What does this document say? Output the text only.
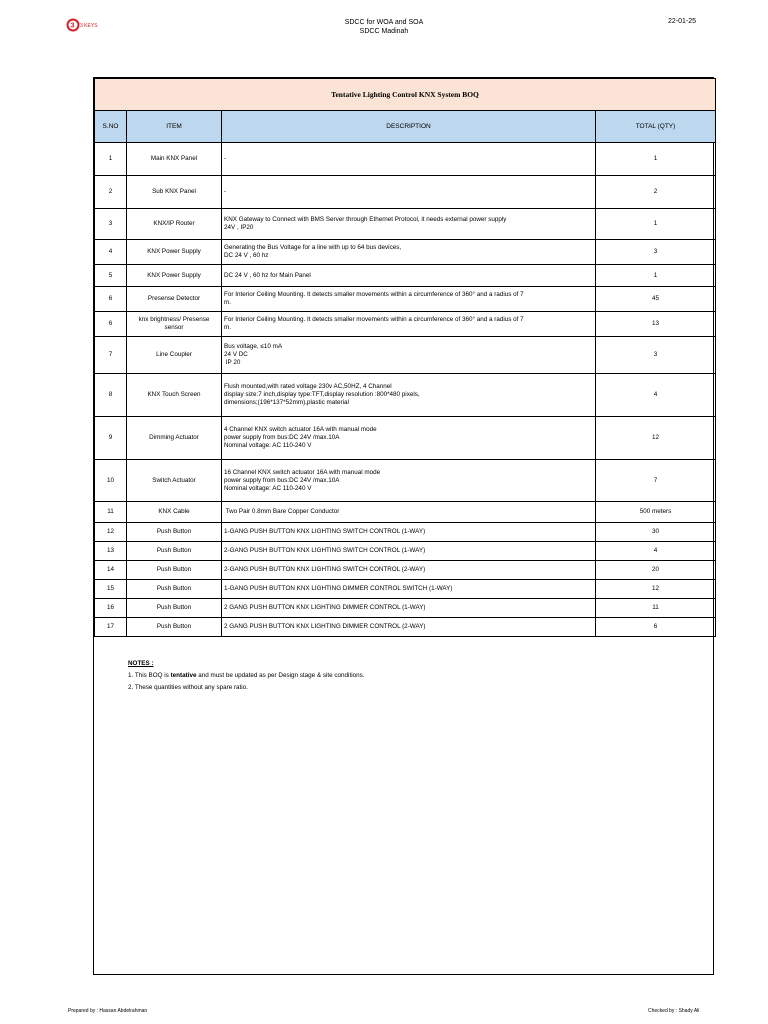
3 3 KEYS	SDCC for WOA and SOA
SDCC Madinah
22-01-25
Tentative Lighting Control KNX System BOQ			
S.NO	ITEM	DESCRIPTION	TOTAL (QTY)
1	Main KNX Panel	-	1
2	Sub KNX Panel	-	2
3	KNX/IP Router	KNX Gateway to Connect with BMS Server through Ethernet Protocol, it needs external power supply
24V , IP20	1
4	KNX Power Supply	Generating the Bus Voltage for a line with up to 64 bus devices,
DC 24 V , 60 hz	3
5	KNX Power Supply	DC 24 V , 60 hz for Main Panel	1
6	Presense Detector	For Interior Ceiling Mounting. It detects smaller movements within a circumference of 360° and a radius of 7
m.	45
6	knx brightness/ Presense sensor	For Interior Ceiling Mounting. It detects smaller movements within a circumference of 360° and a radius of 7
m.	13
7	Line Coupler	Bus voltage, ≤10 mA
24 V DC
IP 20	3
8	KNX Touch Screen	Flush mounted,with rated voltage 230v AC,50HZ, 4 Channel
display size:7 inch,display type:TFT,display resolution :800*480 pixels,
dimensions;(196*137*52mm),plastic material	4
9	Dimming Actuator	4 Channel KNX switch actuator 16A with manual mode
power supply from bus:DC 24V /max.10A
Nominal voltage: AC 110-240 V	12
10	Switch Actuator	16 Channel KNX switch actuator 16A with manual mode
power supply from bus:DC 24V /max.10A
Nominal voltage: AC 110-240 V	7
11	KNX Cable	Two Pair 0.8mm Bare Copper Conductor	500 meters
12	Push Button	1-GANG PUSH BUTTON KNX LIGHTING SWITCH CONTROL (1-WAY)	30
13	Push Button	2-GANG PUSH BUTTON KNX LIGHTING SWITCH CONTROL (1-WAY)	4
14	Push Button	2-GANG PUSH BUTTON KNX LIGHTING SWITCH CONTROL (2-WAY)	20
15	Push Button	1-GANG PUSH BUTTON KNX LIGHTING DIMMER CONTROL SWITCH (1-WAY)	12
16	Push Button	2 GANG PUSH BUTTON KNX LIGHTING DIMMER CONTROL (1-WAY)	11
17	Push Button	2 GANG PUSH BUTTON KNX LIGHTING DIMMER CONTROL (2-WAY)	6
NOTES :
1. This BOQ is tentative and must be updated as per Design stage & site conditions.
2. These quantities without any spare ratio.
Prepared by : Hassan Abdelrahman	Checked by : Shady Ali
